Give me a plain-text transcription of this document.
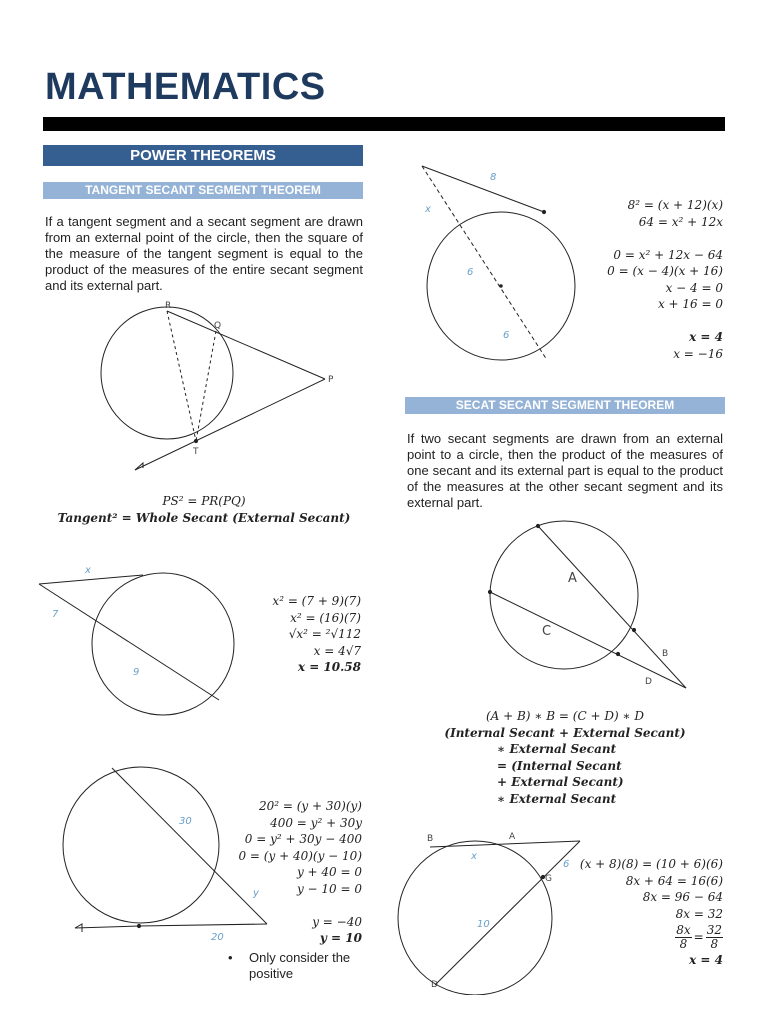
MATHEMATICS
POWER THEOREMS
TANGENT SECANT SEGMENT THEOREM
If a tangent segment and a secant segment are drawn from an external point of the circle, then the square of the measure of the tangent segment is equal to the product of the measures of the entire secant segment and its external part.
R
Q
P
T
PS² = PR(PQ)
Tangent² = Whole Secant (External Secant)
x
7
9
x² = (7 + 9)(7)
x² = (16)(7)
√x² = ²√112
x = 4√7
x = 10.58
30
y
20
20² = (y + 30)(y)
400 = y² + 30y
0 = y² + 30y − 400
0 = (y + 40)(y − 10)
y + 40 = 0
y − 10 = 0
y = −40
y = 10
• Only consider the positive
8
x
6
6
8² = (x + 12)(x)
64 = x² + 12x
0 = x² + 12x − 64
0 = (x − 4)(x + 16)
x − 4 = 0
x + 16 = 0
x = 4
x = −16
SECAT SECANT SEGMENT THEOREM
If two secant segments are drawn from an external point to a circle, then the product of the measures of one secant and its external part is equal to the product of the measures at the other secant segment and its external part.
A
C
B
D
(A + B) ∗ B = (C + D) ∗ D
(Internal Secant + External Secant)
∗ External Secant
= (Internal Secant
+ External Secant)
∗ External Secant
B	A
G
D
x
10
6 (x + 8)(8) = (10 + 6)(6)
8x + 64 = 16(6)
8x = 96 − 64
8x = 32
$\frac{8x}{8} = \frac{32}{8}$
x = 4
